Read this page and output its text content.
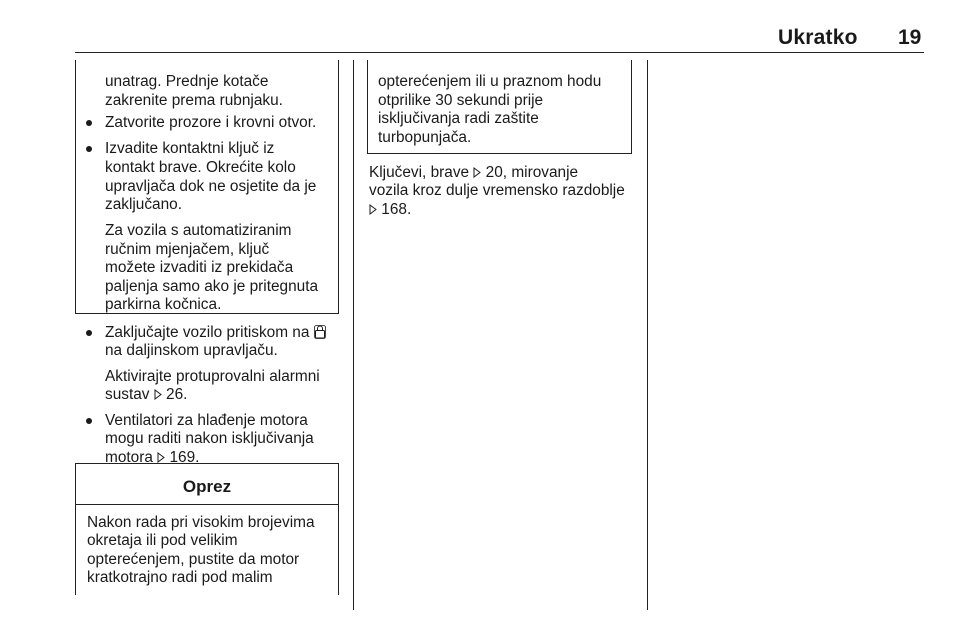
Ukratko 19
unatrag. Prednje kotače
zakrenite prema rubnjaku.
Zatvorite prozore i krovni otvor.
Izvadite kontaktni ključ iz
kontakt brave. Okrećite kolo
upravljača dok ne osjetite da je
zaključano.
Za vozila s automatiziranim
ručnim mjenjačem, ključ
možete izvaditi iz prekidača
paljenja samo ako je pritegnuta
parkirna kočnica.
Zaključajte vozilo pritiskom na
na daljinskom upravljaču.
Aktivirajte protuprovalni alarmni
sustav 26.
Ventilatori za hlađenje motora
mogu raditi nakon isključivanja
motora 169.
Oprez
Nakon rada pri visokim brojevima
okretaja ili pod velikim
opterećenjem, pustite da motor
kratkotrajno radi pod malim
opterećenjem ili u praznom hodu
otprilike 30 sekundi prije
isključivanja radi zaštite
turbopunjača.
Ključevi, brave 20, mirovanje
vozila kroz dulje vremensko razdoblje
168.
